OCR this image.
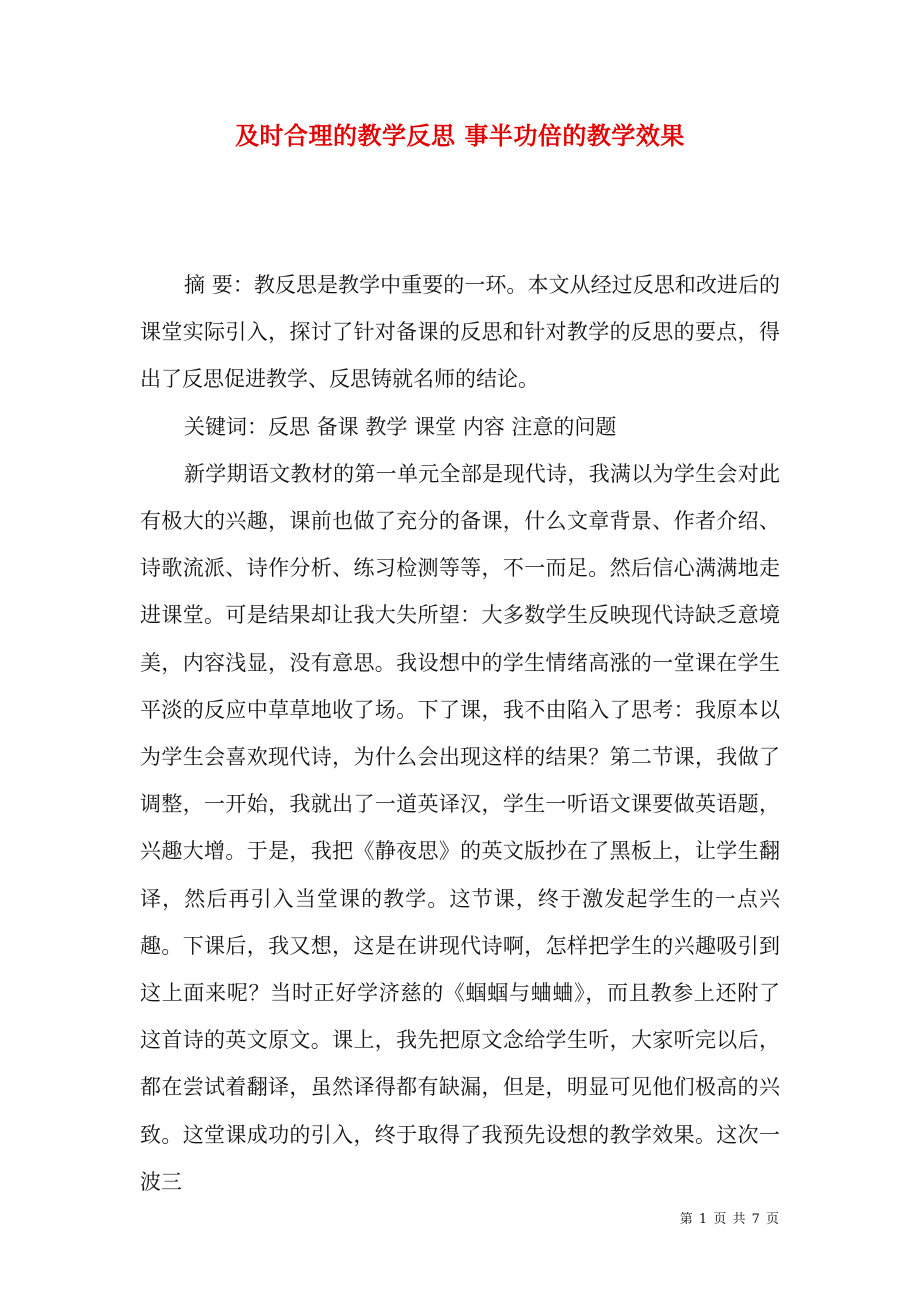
及时合理的教学反思 事半功倍的教学效果

摘 要：教反思是教学中重要的一环。本文从经过反思和改进后的课堂实际引入，探讨了针对备课的反思和针对教学的反思的要点，得出了反思促进教学、反思铸就名师的结论。

关键词：反思 备课 教学 课堂 内容 注意的问题

新学期语文教材的第一单元全部是现代诗，我满以为学生会对此有极大的兴趣，课前也做了充分的备课，什么文章背景、作者介绍、诗歌流派、诗作分析、练习检测等等，不一而足。然后信心满满地走进课堂。可是结果却让我大失所望：大多数学生反映现代诗缺乏意境美，内容浅显，没有意思。我设想中的学生情绪高涨的一堂课在学生平淡的反应中草草地收了场。下了课，我不由陷入了思考：我原本以为学生会喜欢现代诗，为什么会出现这样的结果？第二节课，我做了调整，一开始，我就出了一道英译汉，学生一听语文课要做英语题，兴趣大增。于是，我把《静夜思》的英文版抄在了黑板上，让学生翻译，然后再引入当堂课的教学。这节课，终于激发起学生的一点兴趣。下课后，我又想，这是在讲现代诗啊，怎样把学生的兴趣吸引到这上面来呢？当时正好学济慈的《蝈蝈与蛐蛐》，而且教参上还附了这首诗的英文原文。课上，我先把原文念给学生听，大家听完以后，都在尝试着翻译，虽然译得都有缺漏，但是，明显可见他们极高的兴致。这堂课成功的引入，终于取得了我预先设想的教学效果。这次一波三

第 1 页 共 7 页
